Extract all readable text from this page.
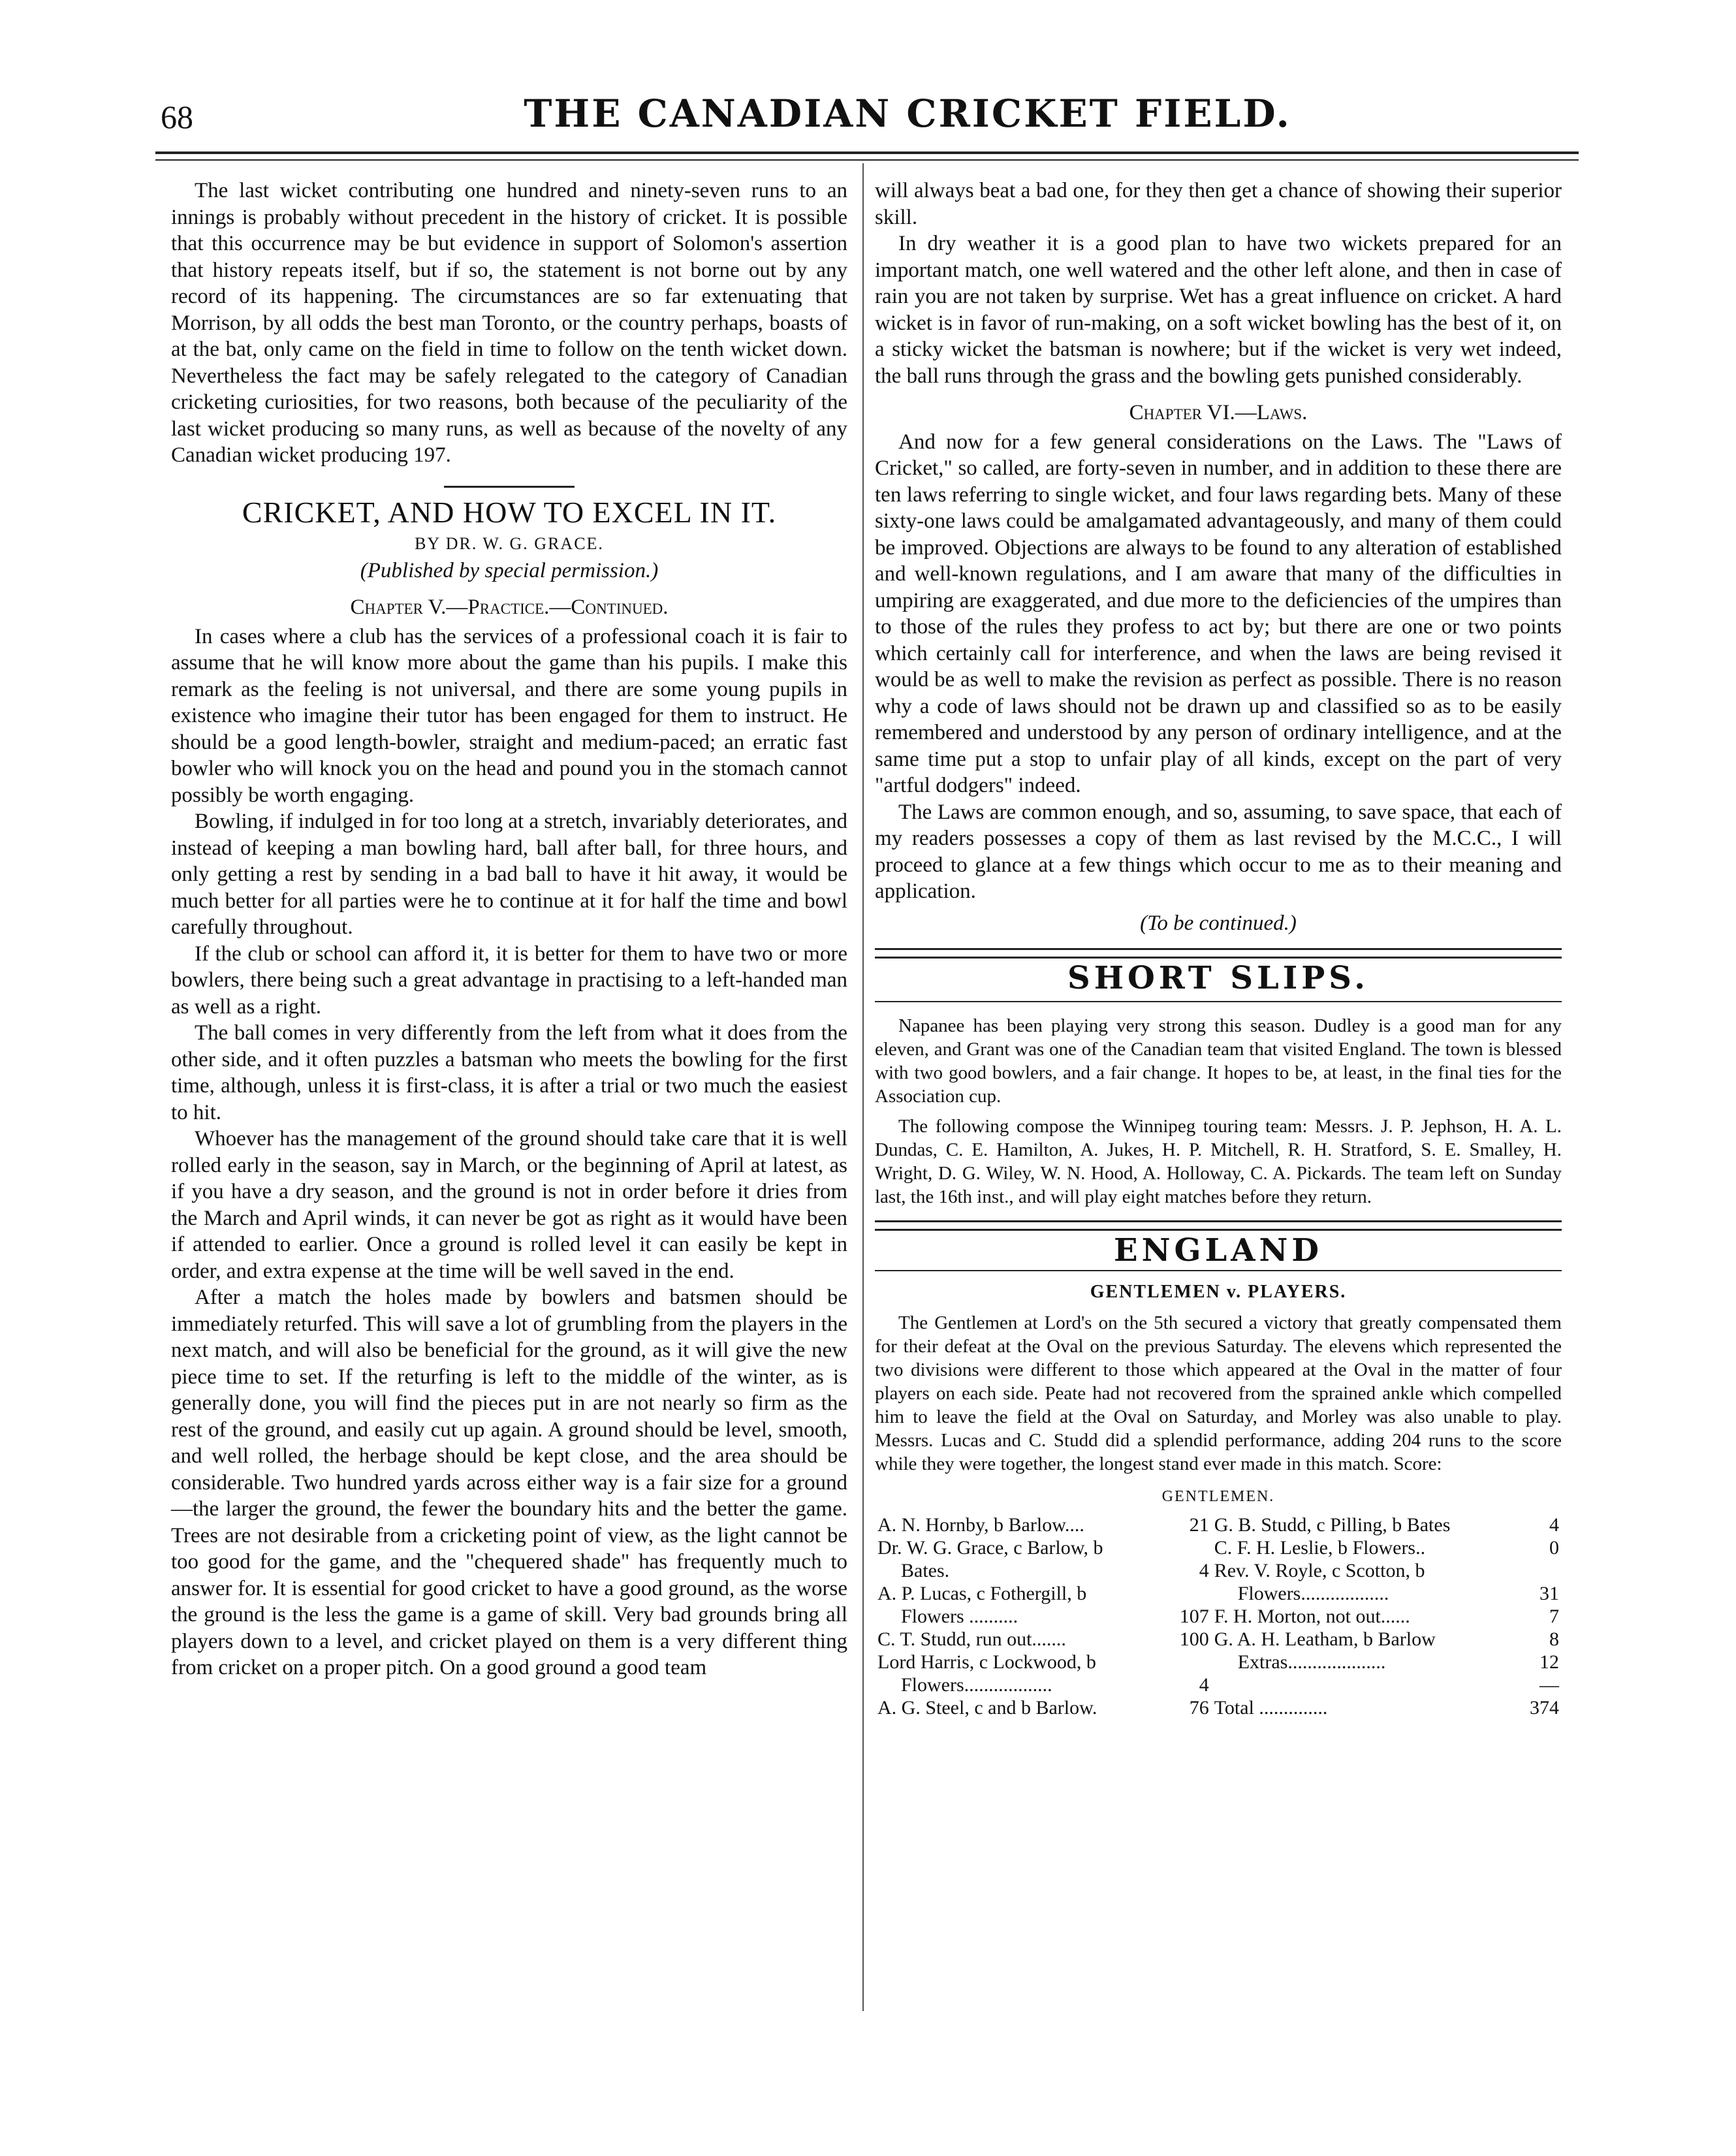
68	THE CANADIAN CRICKET FIELD.

The last wicket contributing one hundred and ninety-seven runs to an innings is probably without precedent in the history of cricket. It is possible that this occurrence may be but evidence in support of Solomon's assertion that history repeats itself, but if so, the statement is not borne out by any record of its happening. The circumstances are so far extenuating that Morrison, by all odds the best man Toronto, or the country perhaps, boasts of at the bat, only came on the field in time to follow on the tenth wicket down. Nevertheless the fact may be safely relegated to the category of Canadian cricketing curiosities, for two reasons, both because of the peculiarity of the last wicket producing so many runs, as well as because of the novelty of any Canadian wicket producing 197.

CRICKET, AND HOW TO EXCEL IN IT.

BY DR. W. G. GRACE.

(Published by special permission.)

Chapter V.—Practice.—Continued.

In cases where a club has the services of a professional coach it is fair to assume that he will know more about the game than his pupils. I make this remark as the feeling is not universal, and there are some young pupils in existence who imagine their tutor has been engaged for them to instruct. He should be a good length-bowler, straight and medium-paced; an erratic fast bowler who will knock you on the head and pound you in the stomach cannot possibly be worth engaging.

Bowling, if indulged in for too long at a stretch, invariably deteriorates, and instead of keeping a man bowling hard, ball after ball, for three hours, and only getting a rest by sending in a bad ball to have it hit away, it would be much better for all parties were he to continue at it for half the time and bowl carefully throughout.

If the club or school can afford it, it is better for them to have two or more bowlers, there being such a great advantage in practising to a left-handed man as well as a right.

The ball comes in very differently from the left from what it does from the other side, and it often puzzles a batsman who meets the bowling for the first time, although, unless it is first-class, it is after a trial or two much the easiest to hit.

Whoever has the management of the ground should take care that it is well rolled early in the season, say in March, or the beginning of April at latest, as if you have a dry season, and the ground is not in order before it dries from the March and April winds, it can never be got as right as it would have been if attended to earlier. Once a ground is rolled level it can easily be kept in order, and extra expense at the time will be well saved in the end.

After a match the holes made by bowlers and batsmen should be immediately returfed. This will save a lot of grumbling from the players in the next match, and will also be beneficial for the ground, as it will give the new piece time to set. If the returfing is left to the middle of the winter, as is generally done, you will find the pieces put in are not nearly so firm as the rest of the ground, and easily cut up again. A ground should be level, smooth, and well rolled, the herbage should be kept close, and the area should be considerable. Two hundred yards across either way is a fair size for a ground—the larger the ground, the fewer the boundary hits and the better the game. Trees are not desirable from a cricketing point of view, as the light cannot be too good for the game, and the "chequered shade" has frequently much to answer for. It is essential for good cricket to have a good ground, as the worse the ground is the less the game is a game of skill. Very bad grounds bring all players down to a level, and cricket played on them is a very different thing from cricket on a proper pitch. On a good ground a good team

will always beat a bad one, for they then get a chance of showing their superior skill.

In dry weather it is a good plan to have two wickets prepared for an important match, one well watered and the other left alone, and then in case of rain you are not taken by surprise. Wet has a great influence on cricket. A hard wicket is in favor of run-making, on a soft wicket bowling has the best of it, on a sticky wicket the batsman is nowhere; but if the wicket is very wet indeed, the ball runs through the grass and the bowling gets punished considerably.

Chapter VI.—Laws.

And now for a few general considerations on the Laws. The "Laws of Cricket," so called, are forty-seven in number, and in addition to these there are ten laws referring to single wicket, and four laws regarding bets. Many of these sixty-one laws could be amalgamated advantageously, and many of them could be improved. Objections are always to be found to any alteration of established and well-known regulations, and I am aware that many of the difficulties in umpiring are exaggerated, and due more to the deficiencies of the umpires than to those of the rules they profess to act by; but there are one or two points which certainly call for interference, and when the laws are being revised it would be as well to make the revision as perfect as possible. There is no reason why a code of laws should not be drawn up and classified so as to be easily remembered and understood by any person of ordinary intelligence, and at the same time put a stop to unfair play of all kinds, except on the part of very "artful dodgers" indeed.

The Laws are common enough, and so, assuming, to save space, that each of my readers possesses a copy of them as last revised by the M.C.C., I will proceed to glance at a few things which occur to me as to their meaning and application.

(To be continued.)

SHORT SLIPS.

Napanee has been playing very strong this season. Dudley is a good man for any eleven, and Grant was one of the Canadian team that visited England. The town is blessed with two good bowlers, and a fair change. It hopes to be, at least, in the final ties for the Association cup.

The following compose the Winnipeg touring team: Messrs. J. P. Jephson, H. A. L. Dundas, C. E. Hamilton, A. Jukes, H. P. Mitchell, R. H. Stratford, S. E. Smalley, H. Wright, D. G. Wiley, W. N. Hood, A. Holloway, C. A. Pickards. The team left on Sunday last, the 16th inst., and will play eight matches before they return.

ENGLAND
GENTLEMEN v. PLAYERS.

The Gentlemen at Lord's on the 5th secured a victory that greatly compensated them for their defeat at the Oval on the previous Saturday. The elevens which represented the two divisions were different to those which appeared at the Oval in the matter of four players on each side. Peate had not recovered from the sprained ankle which compelled him to leave the field at the Oval on Saturday, and Morley was also unable to play. Messrs. Lucas and C. Studd did a splendid performance, adding 204 runs to the score while they were together, the longest stand ever made in this match. Score:

GENTLEMEN.
A. N. Hornby, b Barlow....	21	G. B. Studd, c Pilling, b Bates	4
Dr. W. G. Grace, c Barlow, b		C. F. H. Leslie, b Flowers..	0
Bates.	4	Rev. V. Royle, c Scotton, b	
A. P. Lucas, c Fothergill, b		Flowers..................	31
Flowers ..........	107	F. H. Morton, not out......	7
C. T. Studd, run out.......	100	G. A. H. Leatham, b Barlow	8
Lord Harris, c Lockwood, b		Extras....................	12
Flowers..................	4		—
A. G. Steel, c and b Barlow.	76	Total ..............	374
